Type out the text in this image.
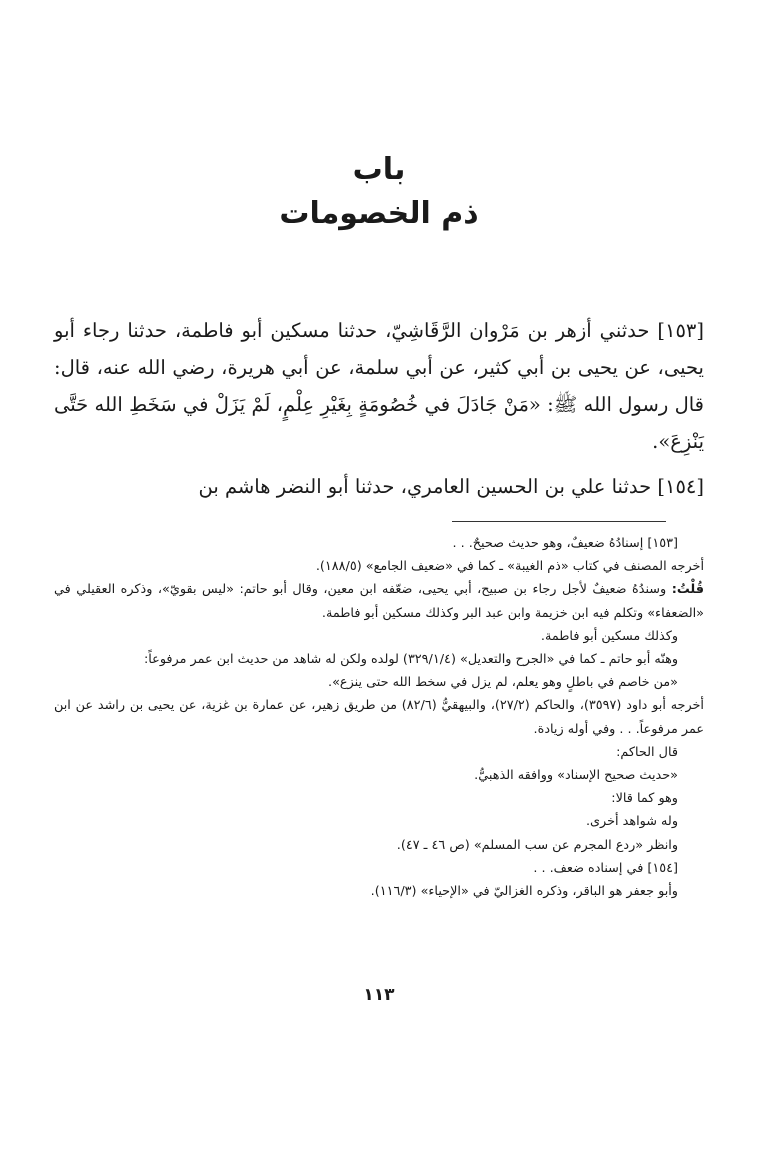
باب
ذم الخصومات

[١٥٣] حدثني أزهر بن مَرْوان الرَّقَاشِيّ، حدثنا مسكين أبو فاطمة، حدثنا رجاء أبو يحيى، عن يحيى بن أبي كثير، عن أبي سلمة، عن أبي هريرة، رضي الله عنه، قال: قال رسول الله ﷺ: «مَنْ جَادَلَ في خُصُومَةٍ بِغَيْرِ عِلْمٍ، لَمْ يَزَلْ في سَخَطِ الله حَتَّى يَنْزِعَ».

[١٥٤] حدثنا علي بن الحسين العامري، حدثنا أبو النضر هاشم بن

[١٥٣] إسنادُهُ ضعيفٌ، وهو حديث صحيحٌ. . .

أخرجه المصنف في كتاب «ذم الغيبة» ـ كما في «ضعيف الجامع» (١٨٨/٥).

قُلْتُ: وسندُهُ ضعيفٌ لأجل رجاء بن صبيح، أبي يحيى، ضعّفه ابن معين، وقال أبو حاتم: «ليس بقويّ»، وذكره العقيلي في «الضعفاء» وتكلم فيه ابن خزيمة وابن عبد البر وكذلك مسكين أبو فاطمة.

وكذلك مسكين أبو فاطمة.

وهنّه أبو حاتم ـ كما في «الجرح والتعديل» (٣٢٩/١/٤) لولده ولكن له شاهد من حديث ابن عمر مرفوعاً:

«من خاصم في باطلٍ وهو يعلم، لم يزل في سخط الله حتى ينزع».

أخرجه أبو داود (٣٥٩٧)، والحاكم (٢٧/٢)، والبيهقيُّ (٨٢/٦) من طريق زهير، عن عمارة بن غزية، عن يحيى بن راشد عن ابن عمر مرفوعاً. . . وفي أوله زيادة.

قال الحاكم:

«حديث صحيح الإسناد» ووافقه الذهبيُّ.

وهو كما قالا:

وله شواهد أخرى.

وانظر «ردع المجرم عن سب المسلم» (ص ٤٦ ـ ٤٧).

[١٥٤] في إسناده ضعف. . .

وأبو جعفر هو الباقر، وذكره الغزاليّ في «الإحياء» (١١٦/٣).

١١٣
